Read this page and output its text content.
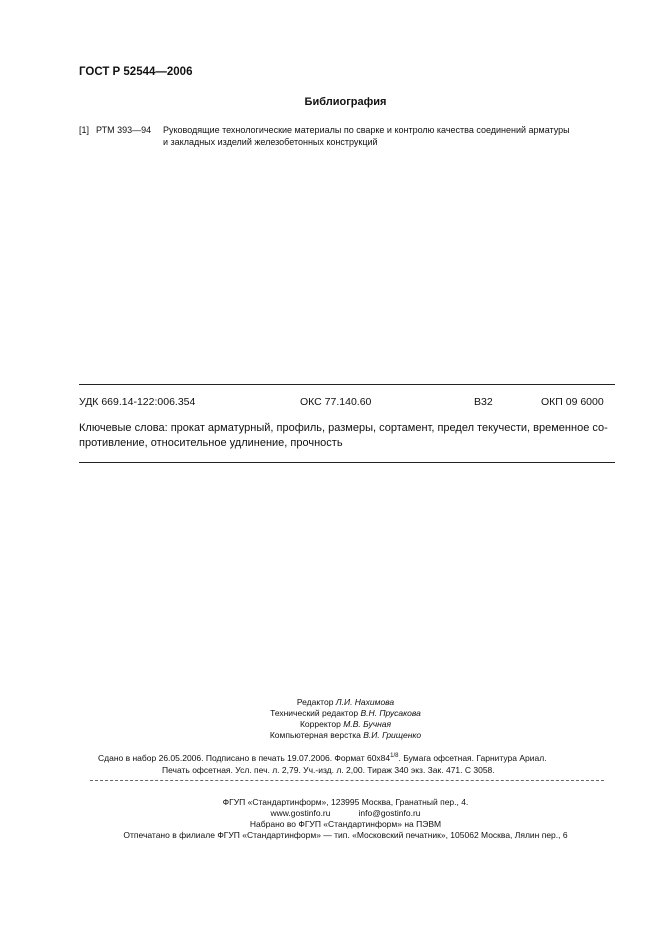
ГОСТ Р 52544—2006
Библиография
[1] РТМ 393—94 Руководящие технологические материалы по сварке и контролю качества соединений арматуры
и закладных изделий железобетонных конструкций
УДК 669.14-122:006.354	ОКС 77.140.60	В32	ОКП 09 6000
Ключевые слова: прокат арматурный, профиль, размеры, сортамент, предел текучести, временное со-
противление, относительное удлинение, прочность
Редактор Л.И. Нахимова
Технический редактор В.Н. Прусакова
Корректор М.В. Бучная
Компьютерная верстка В.И. Грищенко
Сдано в набор 26.05.2006. Подписано в печать 19.07.2006. Формат $60х84^{1/8}$. Бумага офсетная. Гарнитура Ариал.
Печать офсетная. Усл. печ. л. 2,79. Уч.-изд. л. 2,00. Тираж 340 экз. Зак. 471. С 3058.
ФГУП «Стандартинформ», 123995 Москва, Гранатный пер., 4.
www.gostinfo.ru	info@gostinfo.ru
Набрано во ФГУП «Стандартинформ» на ПЭВМ
Отпечатано в филиале ФГУП «Стандартинформ» — тип. «Московский печатник», 105062 Москва, Лялин пер., 6
